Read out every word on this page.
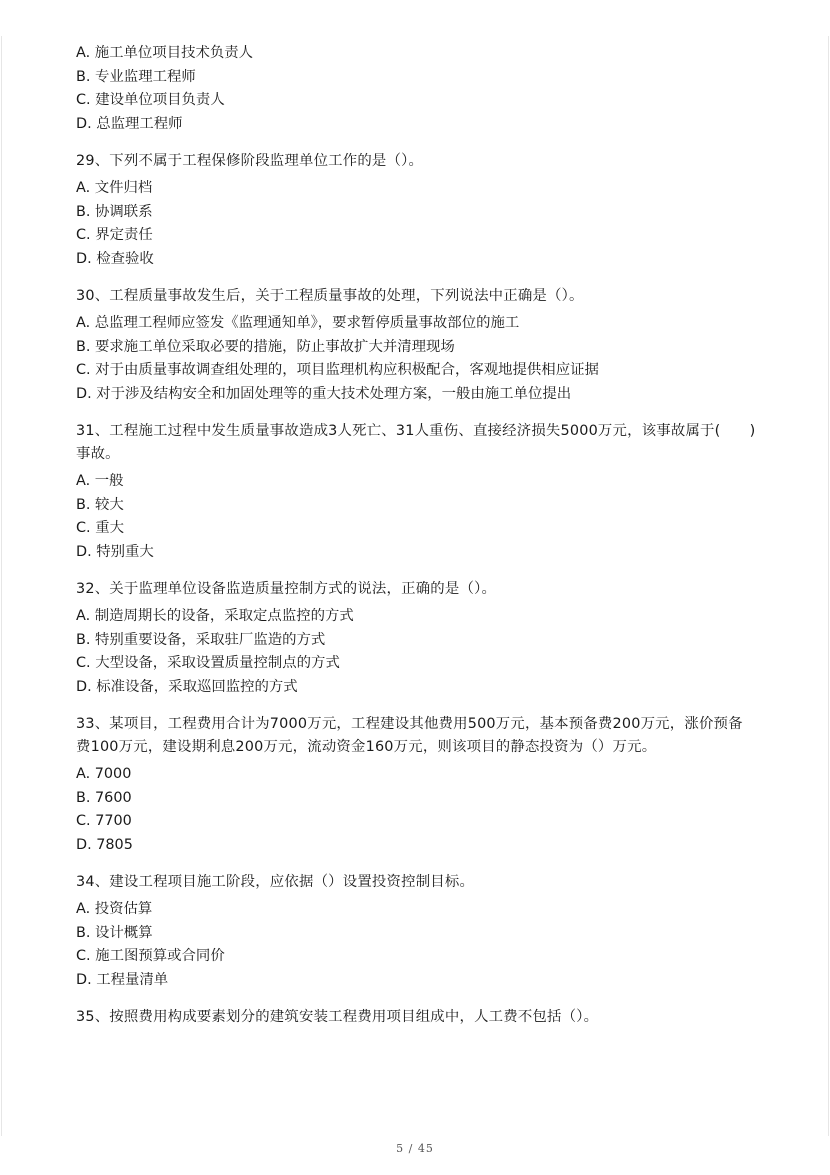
A. 施工单位项目技术负责人

B. 专业监理工程师

C. 建设单位项目负责人

D. 总监理工程师

29、下列不属于工程保修阶段监理单位工作的是（）。

A. 文件归档

B. 协调联系

C. 界定责任

D. 检查验收

30、工程质量事故发生后，关于工程质量事故的处理，下列说法中正确是（）。

A. 总监理工程师应签发《监理通知单》，要求暂停质量事故部位的施工

B. 要求施工单位采取必要的措施，防止事故扩大并清理现场

C. 对于由质量事故调查组处理的，项目监理机构应积极配合，客观地提供相应证据

D. 对于涉及结构安全和加固处理等的重大技术处理方案，一般由施工单位提出

31、工程施工过程中发生质量事故造成3人死亡、31人重伤、直接经济损失5000万元，该事故属于(　　)事故。

A. 一般

B. 较大

C. 重大

D. 特别重大

32、关于监理单位设备监造质量控制方式的说法，正确的是（）。

A. 制造周期长的设备，采取定点监控的方式

B. 特别重要设备，采取驻厂监造的方式

C. 大型设备，采取设置质量控制点的方式

D. 标准设备，采取巡回监控的方式

33、某项目，工程费用合计为7000万元，工程建设其他费用500万元，基本预备费200万元，涨价预备费100万元，建设期利息200万元，流动资金160万元，则该项目的静态投资为（）万元。

A. 7000

B. 7600

C. 7700

D. 7805

34、建设工程项目施工阶段，应依据（）设置投资控制目标。

A. 投资估算

B. 设计概算

C. 施工图预算或合同价

D. 工程量清单

35、按照费用构成要素划分的建筑安装工程费用项目组成中，人工费不包括（）。

5 / 45
